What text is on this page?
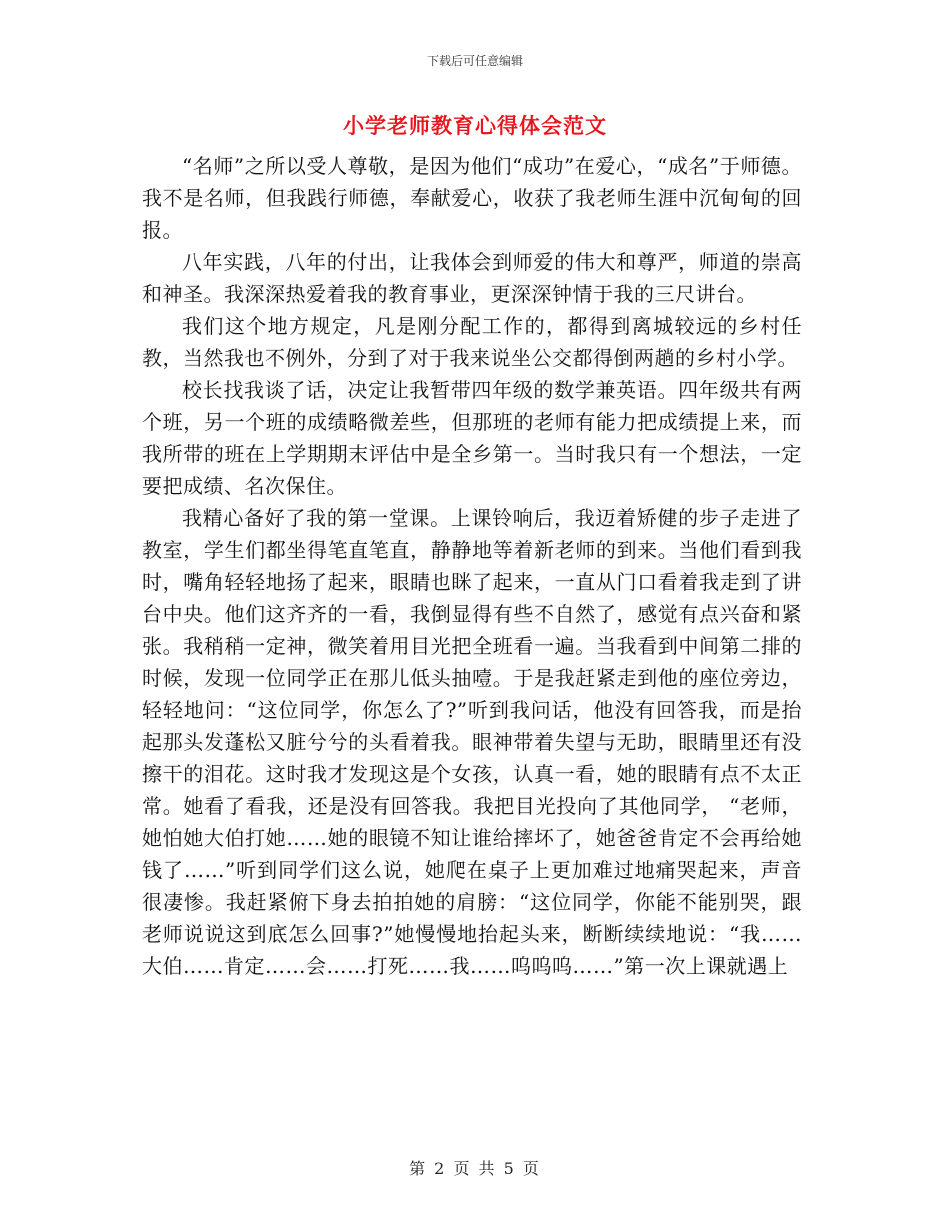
下载后可任意编辑
小学老师教育心得体会范文

“名师”之所以受人尊敬，是因为他们“成功”在爱心，“成名”于师德。我不是名师，但我践行师德，奉献爱心，收获了我老师生涯中沉甸甸的回报。

八年实践，八年的付出，让我体会到师爱的伟大和尊严，师道的崇高和神圣。我深深热爱着我的教育事业，更深深钟情于我的三尺讲台。

我们这个地方规定，凡是刚分配工作的，都得到离城较远的乡村任教，当然我也不例外，分到了对于我来说坐公交都得倒两趟的乡村小学。

校长找我谈了话，决定让我暂带四年级的数学兼英语。四年级共有两个班，另一个班的成绩略微差些，但那班的老师有能力把成绩提上来，而我所带的班在上学期期末评估中是全乡第一。当时我只有一个想法，一定要把成绩、名次保住。

我精心备好了我的第一堂课。上课铃响后，我迈着矫健的步子走进了教室，学生们都坐得笔直笔直，静静地等着新老师的到来。当他们看到我时，嘴角轻轻地扬了起来，眼睛也眯了起来，一直从门口看着我走到了讲台中央。他们这齐齐的一看，我倒显得有些不自然了，感觉有点兴奋和紧张。我稍稍一定神，微笑着用目光把全班看一遍。当我看到中间第二排的时候，发现一位同学正在那儿低头抽噎。于是我赶紧走到他的座位旁边，轻轻地问：“这位同学，你怎么了?”听到我问话，他没有回答我，而是抬起那头发蓬松又脏兮兮的头看着我。眼神带着失望与无助，眼睛里还有没擦干的泪花。这时我才发现这是个女孩，认真一看，她的眼睛有点不太正常。她看了看我，还是没有回答我。我把目光投向了其他同学， “老师，她怕她大伯打她……她的眼镜不知让谁给摔坏了，她爸爸肯定不会再给她钱了……”听到同学们这么说，她爬在桌子上更加难过地痛哭起来，声音很凄惨。我赶紧俯下身去拍拍她的肩膀：“这位同学，你能不能别哭，跟老师说说这到底怎么回事?”她慢慢地抬起头来，断断续续地说：“我……大伯……肯定……会……打死……我……呜呜呜……”第一次上课就遇上

第 2 页 共 5 页
